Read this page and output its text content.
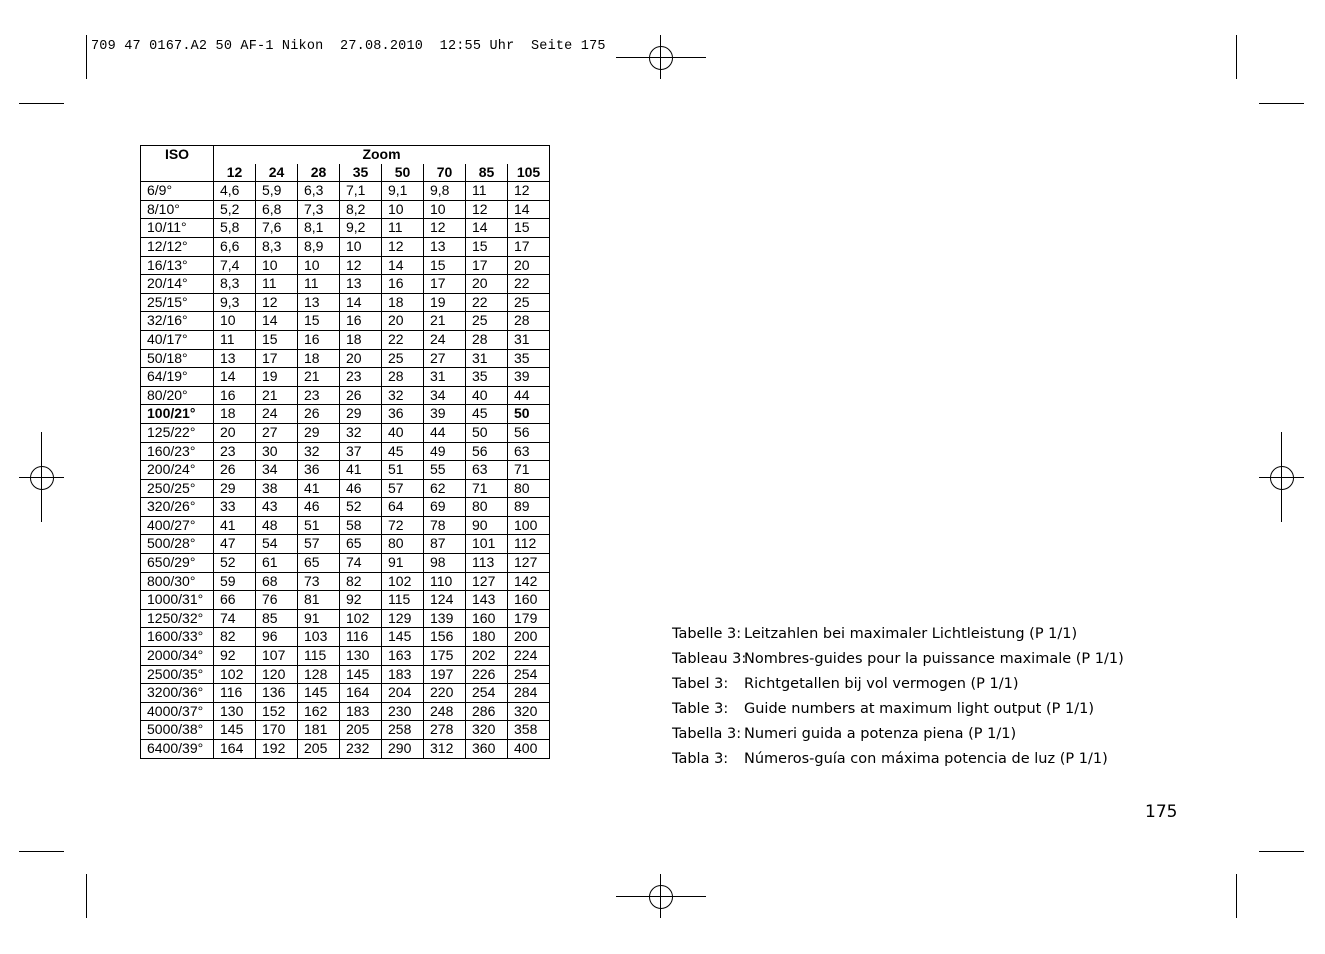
709 47 0167.A2 50 AF-1 Nikon  27.08.2010  12:55 Uhr  Seite 175
ISO	Zoom							
	12	24	28	35	50	70	85	105
6/9°	4,6	5,9	6,3	7,1	9,1	9,8	11	12
8/10°	5,2	6,8	7,3	8,2	10	10	12	14
10/11°	5,8	7,6	8,1	9,2	11	12	14	15
12/12°	6,6	8,3	8,9	10	12	13	15	17
16/13°	7,4	10	10	12	14	15	17	20
20/14°	8,3	11	11	13	16	17	20	22
25/15°	9,3	12	13	14	18	19	22	25
32/16°	10	14	15	16	20	21	25	28
40/17°	11	15	16	18	22	24	28	31
50/18°	13	17	18	20	25	27	31	35
64/19°	14	19	21	23	28	31	35	39
80/20°	16	21	23	26	32	34	40	44
100/21°	18	24	26	29	36	39	45	50
125/22°	20	27	29	32	40	44	50	56
160/23°	23	30	32	37	45	49	56	63
200/24°	26	34	36	41	51	55	63	71
250/25°	29	38	41	46	57	62	71	80
320/26°	33	43	46	52	64	69	80	89
400/27°	41	48	51	58	72	78	90	100
500/28°	47	54	57	65	80	87	101	112
650/29°	52	61	65	74	91	98	113	127
800/30°	59	68	73	82	102	110	127	142
1000/31°	66	76	81	92	115	124	143	160
1250/32°	74	85	91	102	129	139	160	179
1600/33°	82	96	103	116	145	156	180	200
2000/34°	92	107	115	130	163	175	202	224
2500/35°	102	120	128	145	183	197	226	254
3200/36°	116	136	145	164	204	220	254	284
4000/37°	130	152	162	183	230	248	286	320
5000/38°	145	170	181	205	258	278	320	358
6400/39°	164	192	205	232	290	312	360	400
Tabelle 3: Leitzahlen bei maximaler Lichtleistung (P 1/1)
Tableau 3:Nombres-guides pour la puissance maximale (P 1/1)
Tabel 3: Richtgetallen bij vol vermogen (P 1/1)
Table 3: Guide numbers at maximum light output (P 1/1)
Tabella 3: Numeri guida a potenza piena (P 1/1)
Tabla 3: Números-guía con máxima potencia de luz (P 1/1)
175
